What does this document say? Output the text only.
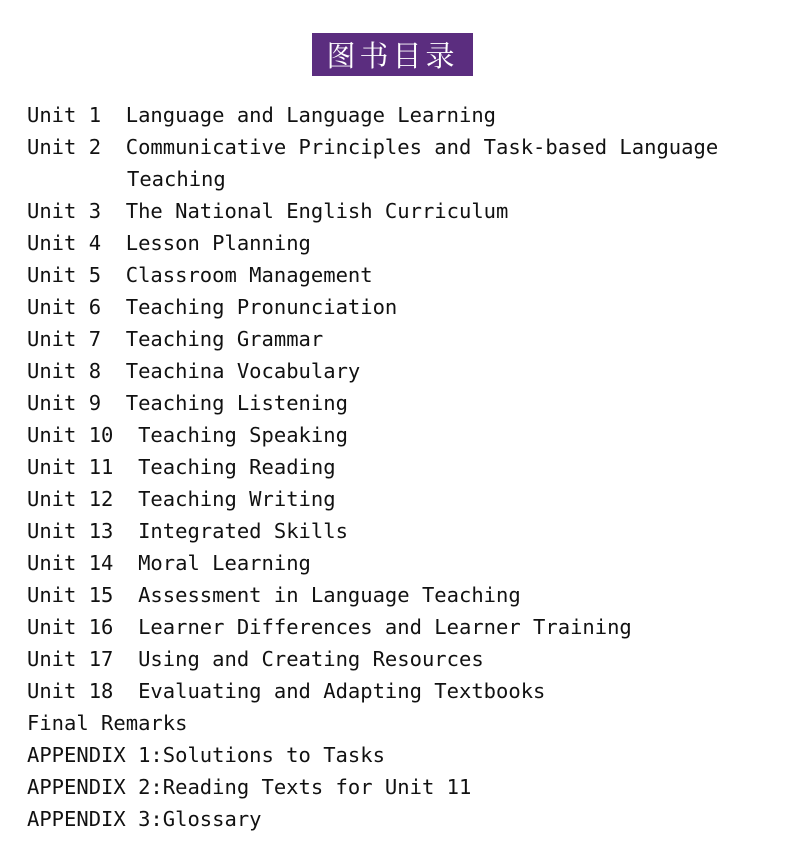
图书目录
Unit 1 Language and Language Learning
Unit 2 Communicative Principles and Task-based Language
Teaching
Unit 3 The National English Curriculum
Unit 4 Lesson Planning
Unit 5 Classroom Management
Unit 6 Teaching Pronunciation
Unit 7 Teaching Grammar
Unit 8 Teachina Vocabulary
Unit 9 Teaching Listening
Unit 10 Teaching Speaking
Unit 11 Teaching Reading
Unit 12 Teaching Writing
Unit 13 Integrated Skills
Unit 14 Moral Learning
Unit 15 Assessment in Language Teaching
Unit 16 Learner Differences and Learner Training
Unit 17 Using and Creating Resources
Unit 18 Evaluating and Adapting Textbooks
Final Remarks
APPENDIX 1:Solutions to Tasks
APPENDIX 2:Reading Texts for Unit 11
APPENDIX 3:Glossary
